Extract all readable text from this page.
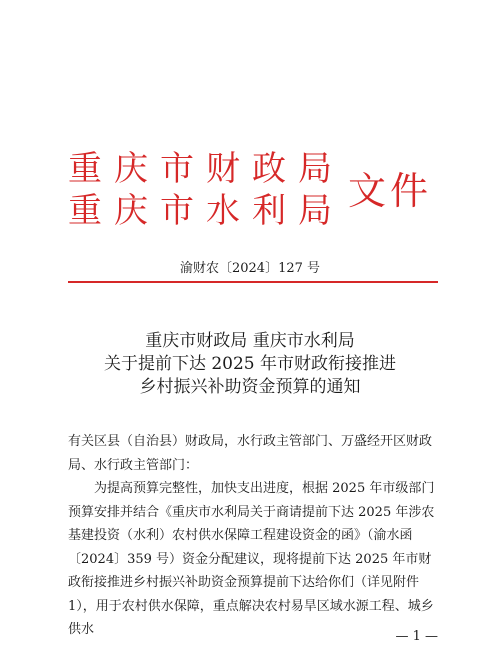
重庆市财政局
重庆市水利局 文件
渝财农〔2024〕127 号
重庆市财政局 重庆市水利局
关于提前下达 2025 年市财政衔接推进
乡村振兴补助资金预算的通知

有关区县（自治县）财政局，水行政主管部门、万盛经开区财政局、水行政主管部门：

为提高预算完整性，加快支出进度，根据 2025 年市级部门预算安排并结合《重庆市水利局关于商请提前下达 2025 年涉农基建投资（水利）农村供水保障工程建设资金的函》（渝水函〔2024〕359 号）资金分配建议，现将提前下达 2025 年市财政衔接推进乡村振兴补助资金预算提前下达给你们（详见附件 1），用于农村供水保障，重点解决农村易旱区域水源工程、城乡供水	— 1 —
